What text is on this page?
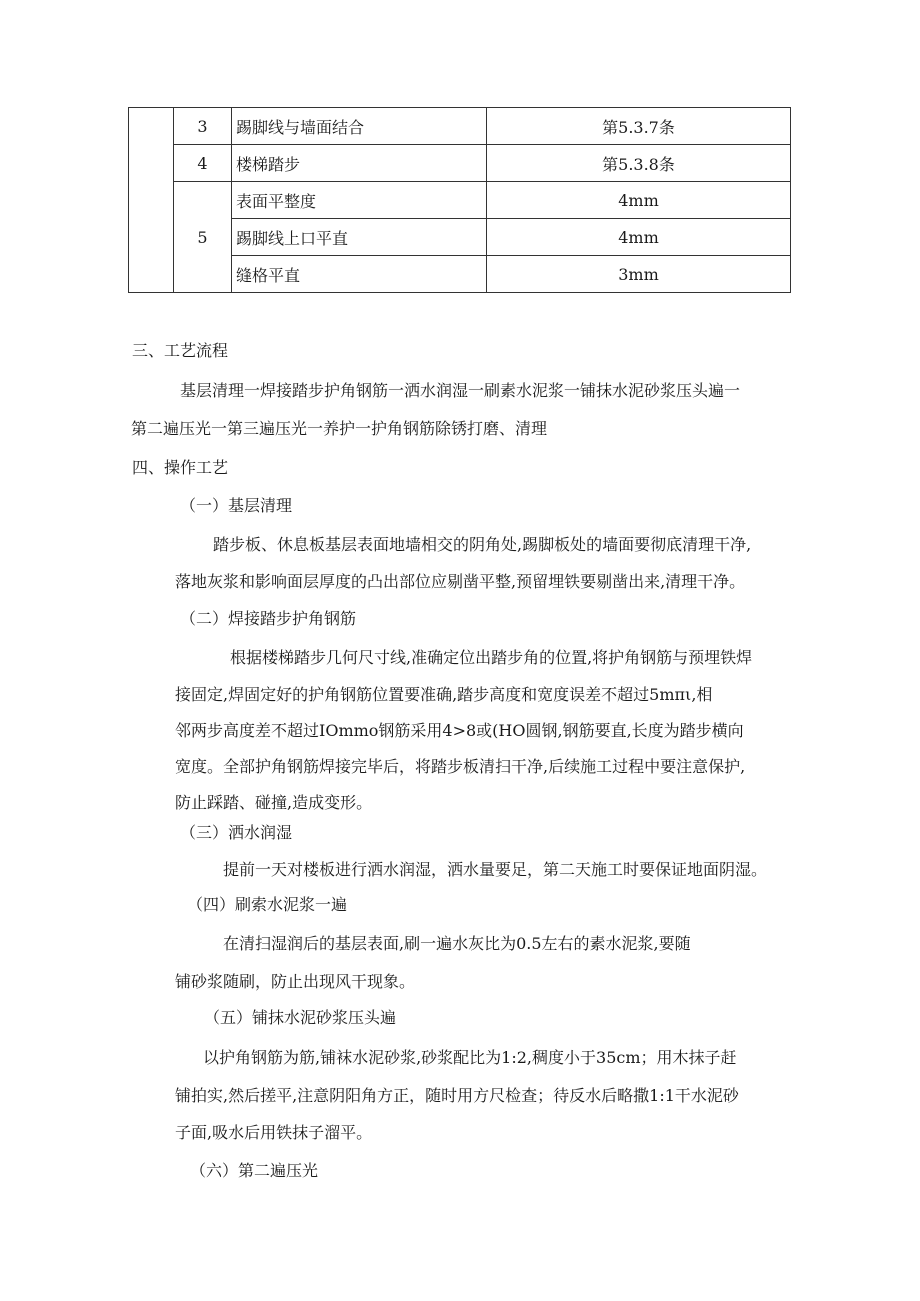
	3	踢脚线与墙面结合	第5.3.7条
	4	楼梯踏步	第5.3.8条
	5	表面平整度	4mm
		踢脚线上口平直	4mm
		缝格平直	3mm
三、工艺流程
基层清理一焊接踏步护角钢筋一洒水润湿一刷素水泥浆一铺抹水泥砂浆压头遍一
第二遍压光一第三遍压光一养护一护角钢筋除锈打磨、清理
四、操作工艺
（一）基层清理
踏步板、休息板基层表面地墙相交的阴角处,踢脚板处的墙面要彻底清理干净,
落地灰浆和影响面层厚度的凸出部位应剔凿平整,预留埋铁要剔凿出来,清理干净。
（二）焊接踏步护角钢筋
根据楼梯踏步几何尺寸线,准确定位出踏步角的位置,将护角钢筋与预埋铁焊
接固定,焊固定好的护角钢筋位置要准确,踏步高度和宽度误差不超过5mπι,相
邻两步高度差不超过IOmmo钢筋采用4>8或(HO圆钢,钢筋要直,长度为踏步横向
宽度。全部护角钢筋焊接完毕后，将踏步板清扫干净,后续施工过程中要注意保护,
防止踩踏、碰撞,造成变形。
（三）洒水润湿
提前一天对楼板进行洒水润湿，洒水量要足，第二天施工时要保证地面阴湿。
（四）刷索水泥浆一遍
在清扫湿润后的基层表面,刷一遍水灰比为0.5左右的素水泥浆,要随
铺砂浆随刷，防止出现风干现象。
（五）铺抹水泥砂浆压头遍
以护角钢筋为筋,铺袜水泥砂浆,砂浆配比为1:2,稠度小于35cm；用木抹子赶
铺拍实,然后搓平,注意阴阳角方正，随时用方尺检查；待反水后略撒1:1干水泥砂
子面,吸水后用铁抹子溜平。
（六）第二遍压光
